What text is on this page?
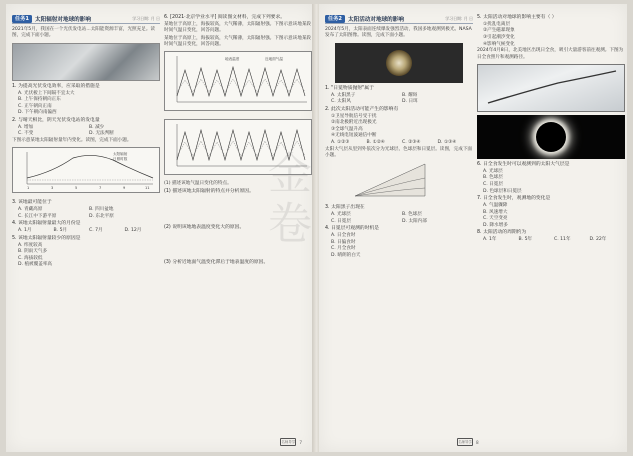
任务1	太阳辐射对地球的影响	学习日期: 月 日

2021年5月，我国在一个光伏发电站...太阳能资源丰富，光照充足。读图，完成下面小题。

1. 为提高光伏发电效率，应采取的措施是

A. 光伏板上下间隔不宜太大

B. 上午保持朝向正东

C. 正午朝向正南

D. 下午朝向南偏西

2. 与晴天相比，阴天光伏发电站的发电量

A. 增加	B. 减少
C. 不变	D. 无法判断

下图示意某地太阳辐射量年内变化。读图，完成下面小题。

1	3	5	7	9	11
太阳辐射
日照时数

3. 该地最可能位于

A. 青藏高原	B. 四川盆地
C. 长江中下游平原	D. 东北平原

4. 该地太阳辐射量最大的月份是

A. 1月	B. 5月	C. 7月	D. 12月

5. 该地太阳辐射量较少的原因是

A. 纬度较高

B. 阴雨天气多

C. 海拔较低

D. 植被覆盖率高

6. [2021·北京学业水平] 阅读图文材料，完成下列要求。

某地位于高原上，海拔较高，大气稀薄，太阳辐射强。下图示意该地某段时间气温日变化，回答问题。

某地位于高原上，海拔较高，大气稀薄，太阳辐射强。下图示意该地某段时间气温日变化，回答问题。

地表温度	近地面气温

(1) 描述该地气温日变化的特点。

(1) 描述该地太阳辐射的特点并分析原因。

(2) 说明该地地表温度变化大的原因。

(3) 分析近地面气温变化滞后于地表温度的原因。

名师导学 7
任务2	太阳活动对地球的影响	学习日期: 月 日

2024年5月，太阳表面连续爆发强烈活动，我国多地观测到极光。NASA发布了太阳图像。读图，完成下面小题。

1. "日冕物质抛射"属于

A. 太阳黑子	B. 耀斑
C. 太阳风	D. 日珥

2. 此次太阳活动可能产生的影响有

①卫星导航信号受干扰

②南北极附近出现极光

③全球气温升高

④无线电短波通信中断

A. ①②③	B. ①②④	C. ②③④	D. ①③④

太阳大气层从里到外依次分为光球层、色球层和日冕层。读图，完成下面小题。

3. 太阳黑子出现在

A. 光球层	B. 色球层
C. 日冕层	D. 太阳内部

4. 日冕层可观测的时机是

A. 日全食时

B. 日偏食时

C. 月全食时

D. 晴朗的白天

5. 太阳活动对地球的影响主要有（ ）

①扰乱电离层

②产生磁暴现象

③引起潮汐变化

④影响气候变化

2024年4月8日，北美地区出现日全食，吸引大量游客前往观测。下图为日全食照片和观测路径。

6. 日全食发生时可以观测到的太阳大气层是

A. 光球层

B. 色球层

C. 日冕层

D. 色球层和日冕层

7. 日全食发生时，观测地的变化是

A. 气温骤降

B. 风速增大

C. 天空变亮

D. 降水增多

8. 太阳活动的周期约为

A. 1年	B. 5年	C. 11年	D. 22年
名师导学 8
